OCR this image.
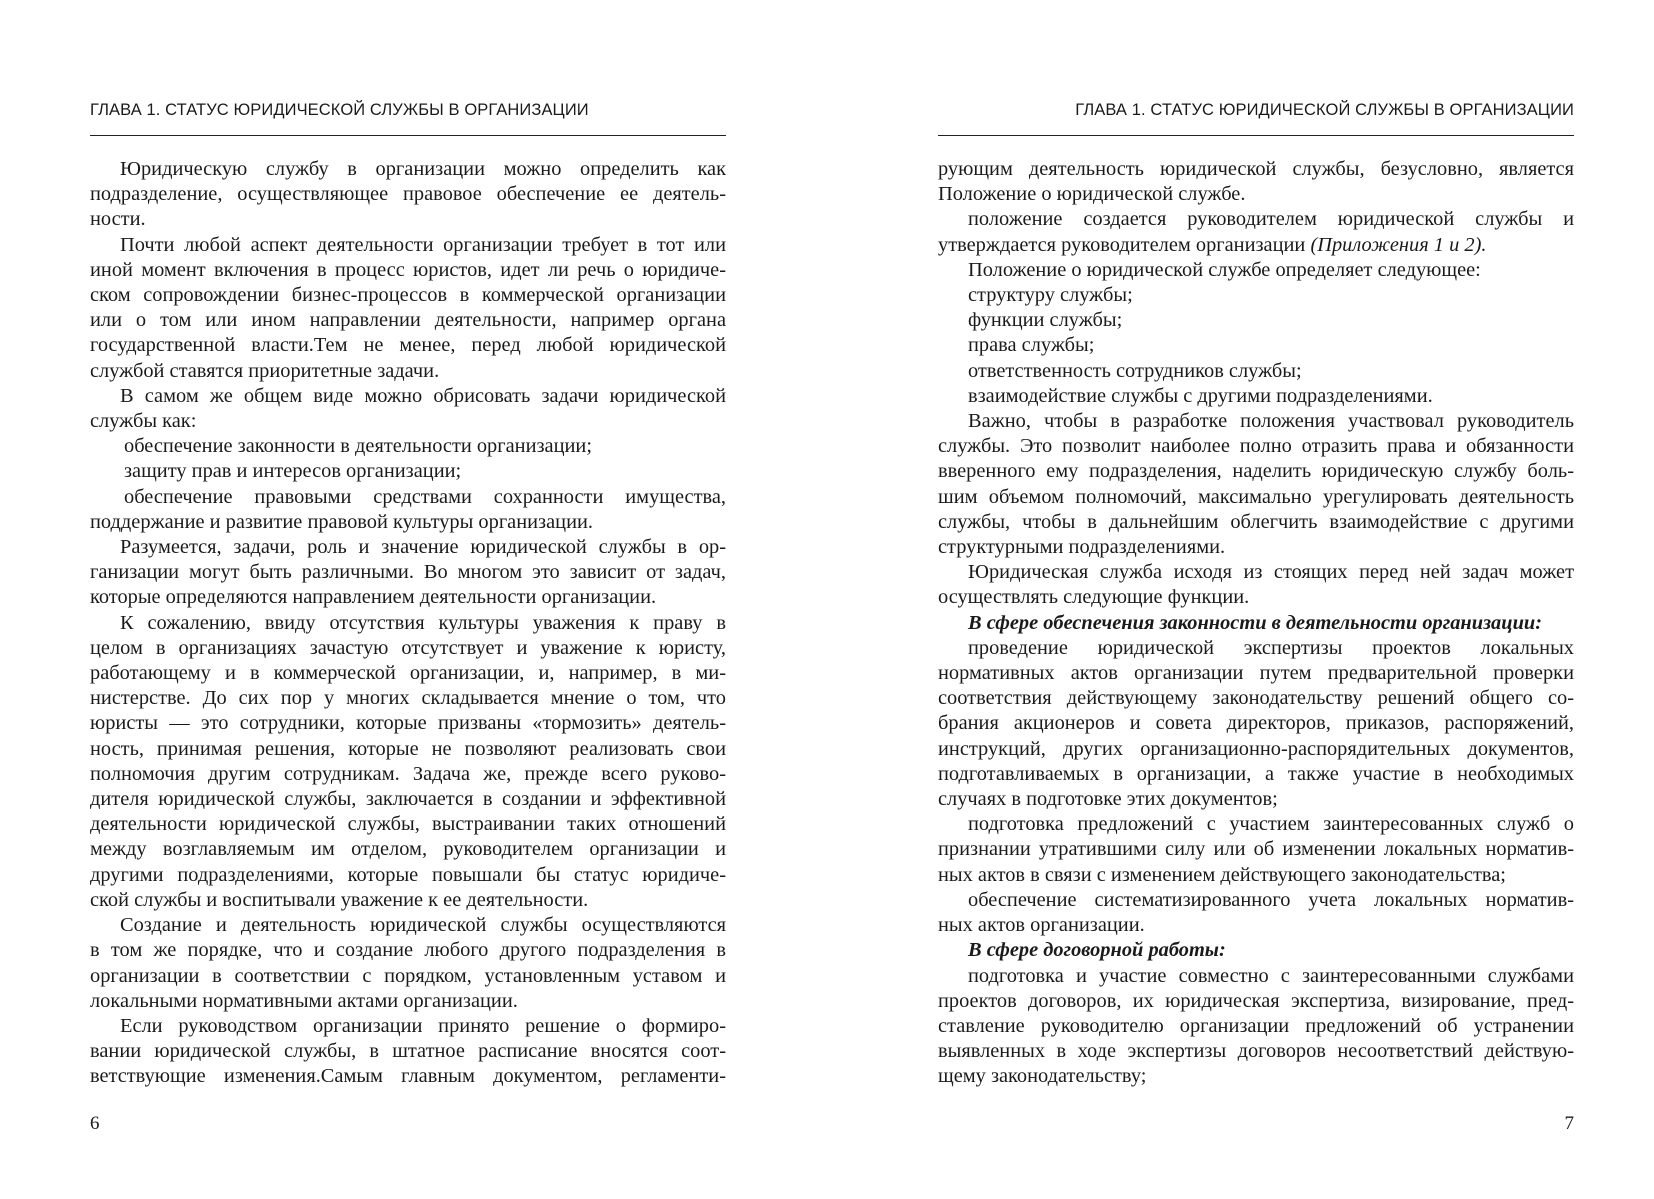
ГЛАВА 1. СТАТУС ЮРИДИЧЕСКОЙ СЛУЖБЫ В ОРГАНИЗАЦИИ
Юридическую службу в организации можно определить как
подразделение, осуществляющее правовое обеспечение ее деятель-
ности.
Почти любой аспект деятельности организации требует в тот или
иной момент включения в процесс юристов, идет ли речь о юридиче-
ском сопровождении бизнес-процессов в коммерческой организации
или о том или ином направлении деятельности, например органа
государственной власти.Тем не менее, перед любой юридической
службой ставятся приоритетные задачи.
В самом же общем виде можно обрисовать задачи юридической
службы как:
обеспечение законности в деятельности организации;
защиту прав и интересов организации;
обеспечение правовыми средствами сохранности имущества,
поддержание и развитие правовой культуры организации.
Разумеется, задачи, роль и значение юридической службы в ор-
ганизации могут быть различными. Во многом это зависит от задач,
которые определяются направлением деятельности организации.
К сожалению, ввиду отсутствия культуры уважения к праву в
целом в организациях зачастую отсутствует и уважение к юристу,
работающему и в коммерческой организации, и, например, в ми-
нистерстве. До сих пор у многих складывается мнение о том, что
юристы — это сотрудники, которые призваны «тормозить» деятель-
ность, принимая решения, которые не позволяют реализовать свои
полномочия другим сотрудникам. Задача же, прежде всего руково-
дителя юридической службы, заключается в создании и эффективной
деятельности юридической службы, выстраивании таких отношений
между возглавляемым им отделом, руководителем организации и
другими подразделениями, которые повышали бы статус юридиче-
ской службы и воспитывали уважение к ее деятельности.
Создание и деятельность юридической службы осуществляются
в том же порядке, что и создание любого другого подразделения в
организации в соответствии с порядком, установленным уставом и
локальными нормативными актами организации.
Если руководством организации принято решение о формиро-
вании юридической службы, в штатное расписание вносятся соот-
ветствующие изменения.Самым главным документом, регламенти-
6
ГЛАВА 1. СТАТУС ЮРИДИЧЕСКОЙ СЛУЖБЫ В ОРГАНИЗАЦИИ
рующим деятельность юридической службы, безусловно, является
Положение о юридической службе.
положение создается руководителем юридической службы и
утверждается руководителем организации (Приложения 1 и 2).
Положение о юридической службе определяет следующее:
структуру службы;
функции службы;
права службы;
ответственность сотрудников службы;
взаимодействие службы с другими подразделениями.
Важно, чтобы в разработке положения участвовал руководитель
службы. Это позволит наиболее полно отразить права и обязанности
вверенного ему подразделения, наделить юридическую службу боль-
шим объемом полномочий, максимально урегулировать деятельность
службы, чтобы в дальнейшим облегчить взаимодействие с другими
структурными подразделениями.
Юридическая служба исходя из стоящих перед ней задач может
осуществлять следующие функции.
В сфере обеспечения законности в деятельности организации:
проведение юридической экспертизы проектов локальных
нормативных актов организации путем предварительной проверки
соответствия действующему законодательству решений общего со-
брания акционеров и совета директоров, приказов, распоряжений,
инструкций, других организационно-распорядительных документов,
подготавливаемых в организации, а также участие в необходимых
случаях в подготовке этих документов;
подготовка предложений с участием заинтересованных служб о
признании утратившими силу или об изменении локальных норматив-
ных актов в связи с изменением действующего законодательства;
обеспечение систематизированного учета локальных норматив-
ных актов организации.
В сфере договорной работы:
подготовка и участие совместно с заинтересованными службами
проектов договоров, их юридическая экспертиза, визирование, пред-
ставление руководителю организации предложений об устранении
выявленных в ходе экспертизы договоров несоответствий действую-
щему законодательству;
7
